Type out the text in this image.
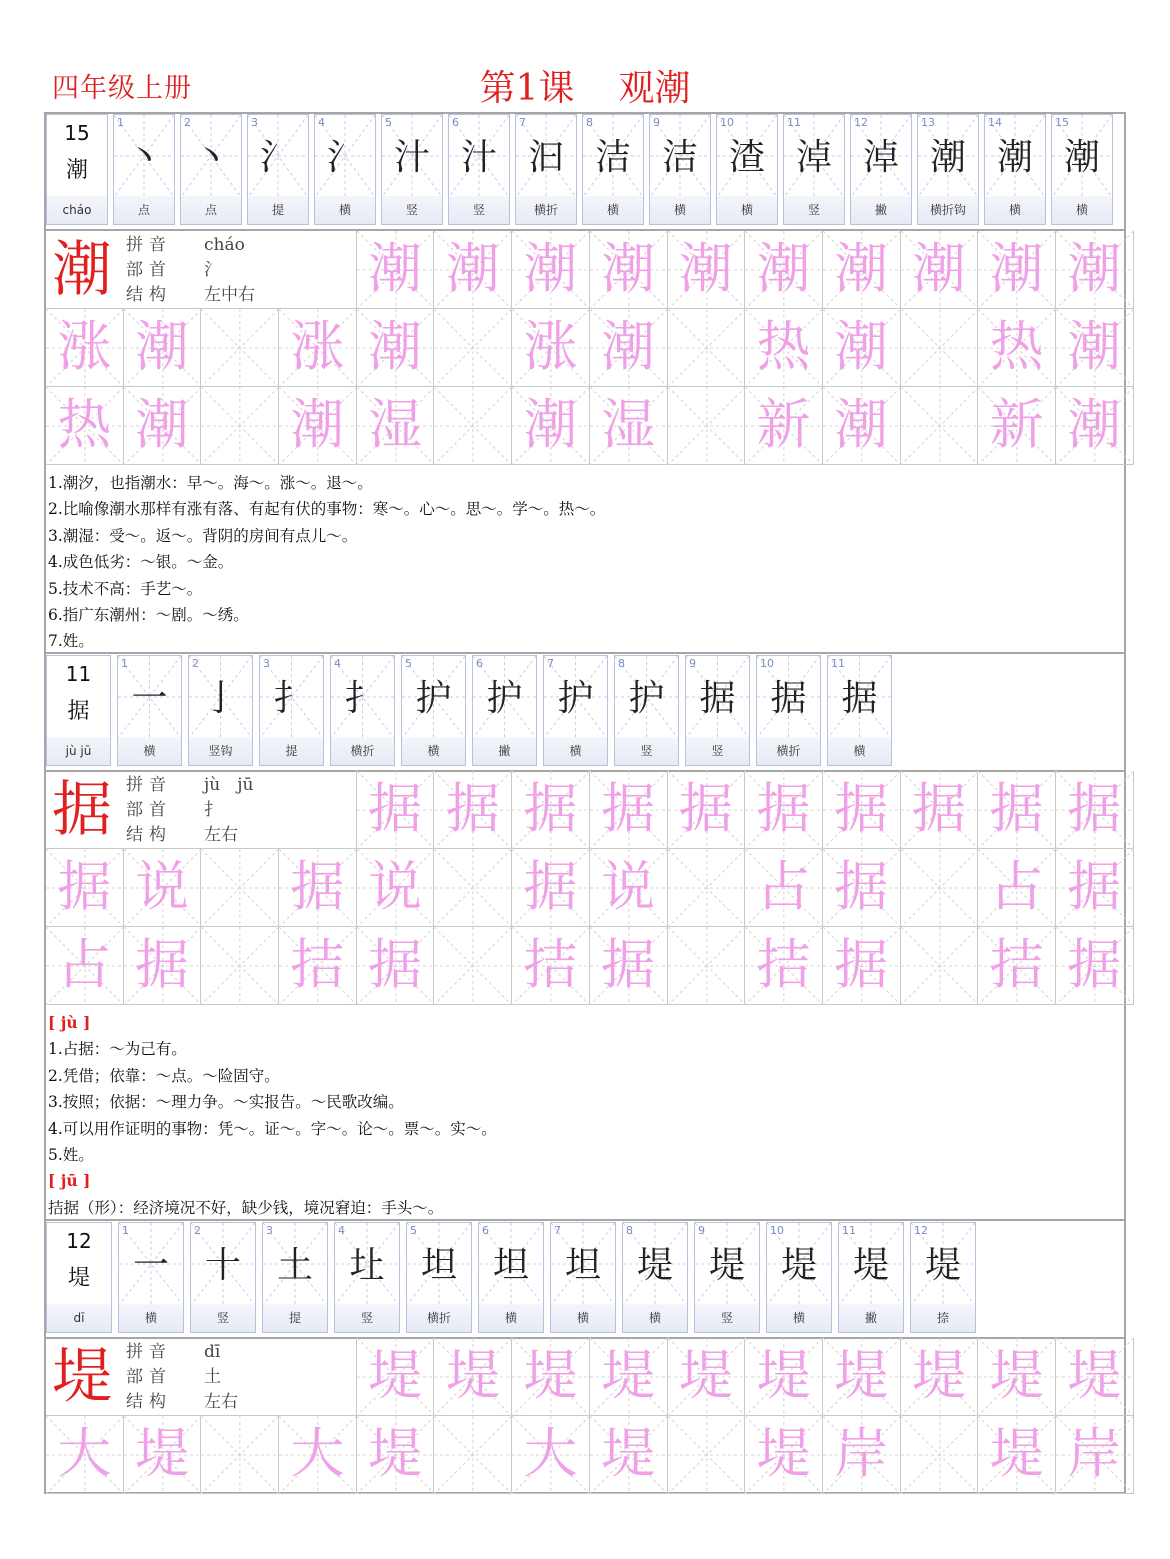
四年级上册	第1课 观潮
15
潮
cháo
1
丶
点
2
丶
点
3
氵
提
4
氵
横
5
汁
竖
6
汁
竖
7
汩
横折
8
洁
横
9
洁
横
10
渣
横
11
淖
竖
12
淖
撇
13
潮
横折钩
14
潮
横
15
潮
横
潮 拼音 cháo
部首 氵
结构 左中右 潮 潮 潮 潮 潮 潮 潮 潮 潮 潮
涨 潮 涨 潮 涨 潮 热 潮 热 潮
热 潮 潮 湿 潮 湿 新 潮 新 潮
1.潮汐，也指潮水：早～。海～。涨～。退～。
2.比喻像潮水那样有涨有落、有起有伏的事物：寒～。心～。思～。学～。热～。
3.潮湿：受～。返～。背阴的房间有点儿～。
4.成色低劣：～银。～金。
5.技术不高：手艺～。
6.指广东潮州：～剧。～绣。
7.姓。
11
据
jù jū
1
一
横
2
亅
竖钩
3
扌
提
4
扌
横折
5
护
横
6
护
撇
7
护
横
8
护
竖
9
据
竖
10
据
横折
11
据
横
据 拼音 jù　jū
部首 扌
结构 左右 据 据 据 据 据 据 据 据 据 据
据 说 据 说 据 说 占 据 占 据
占 据 拮 据 拮 据 拮 据 拮 据
[ jù ]
1.占据：～为己有。
2.凭借；依靠：～点。～险固守。
3.按照；依据：～理力争。～实报告。～民歌改编。
4.可以用作证明的事物：凭～。证～。字～。论～。票～。实～。
5.姓。
[ jū ]
拮据（形）：经济境况不好，缺少钱，境况窘迫：手头～。
12
堤
dī
1
一
横
2
十
竖
3
土
提
4
圵
竖
5
坦
横折
6
坦
横
7
坦
横
8
堤
横
9
堤
竖
10
堤
横
11
堤
撇
12
堤
捺
堤 拼音 dī
部首 土
结构 左右 堤 堤 堤 堤 堤 堤 堤 堤 堤 堤
大 堤 大 堤 大 堤 堤 岸 堤 岸
